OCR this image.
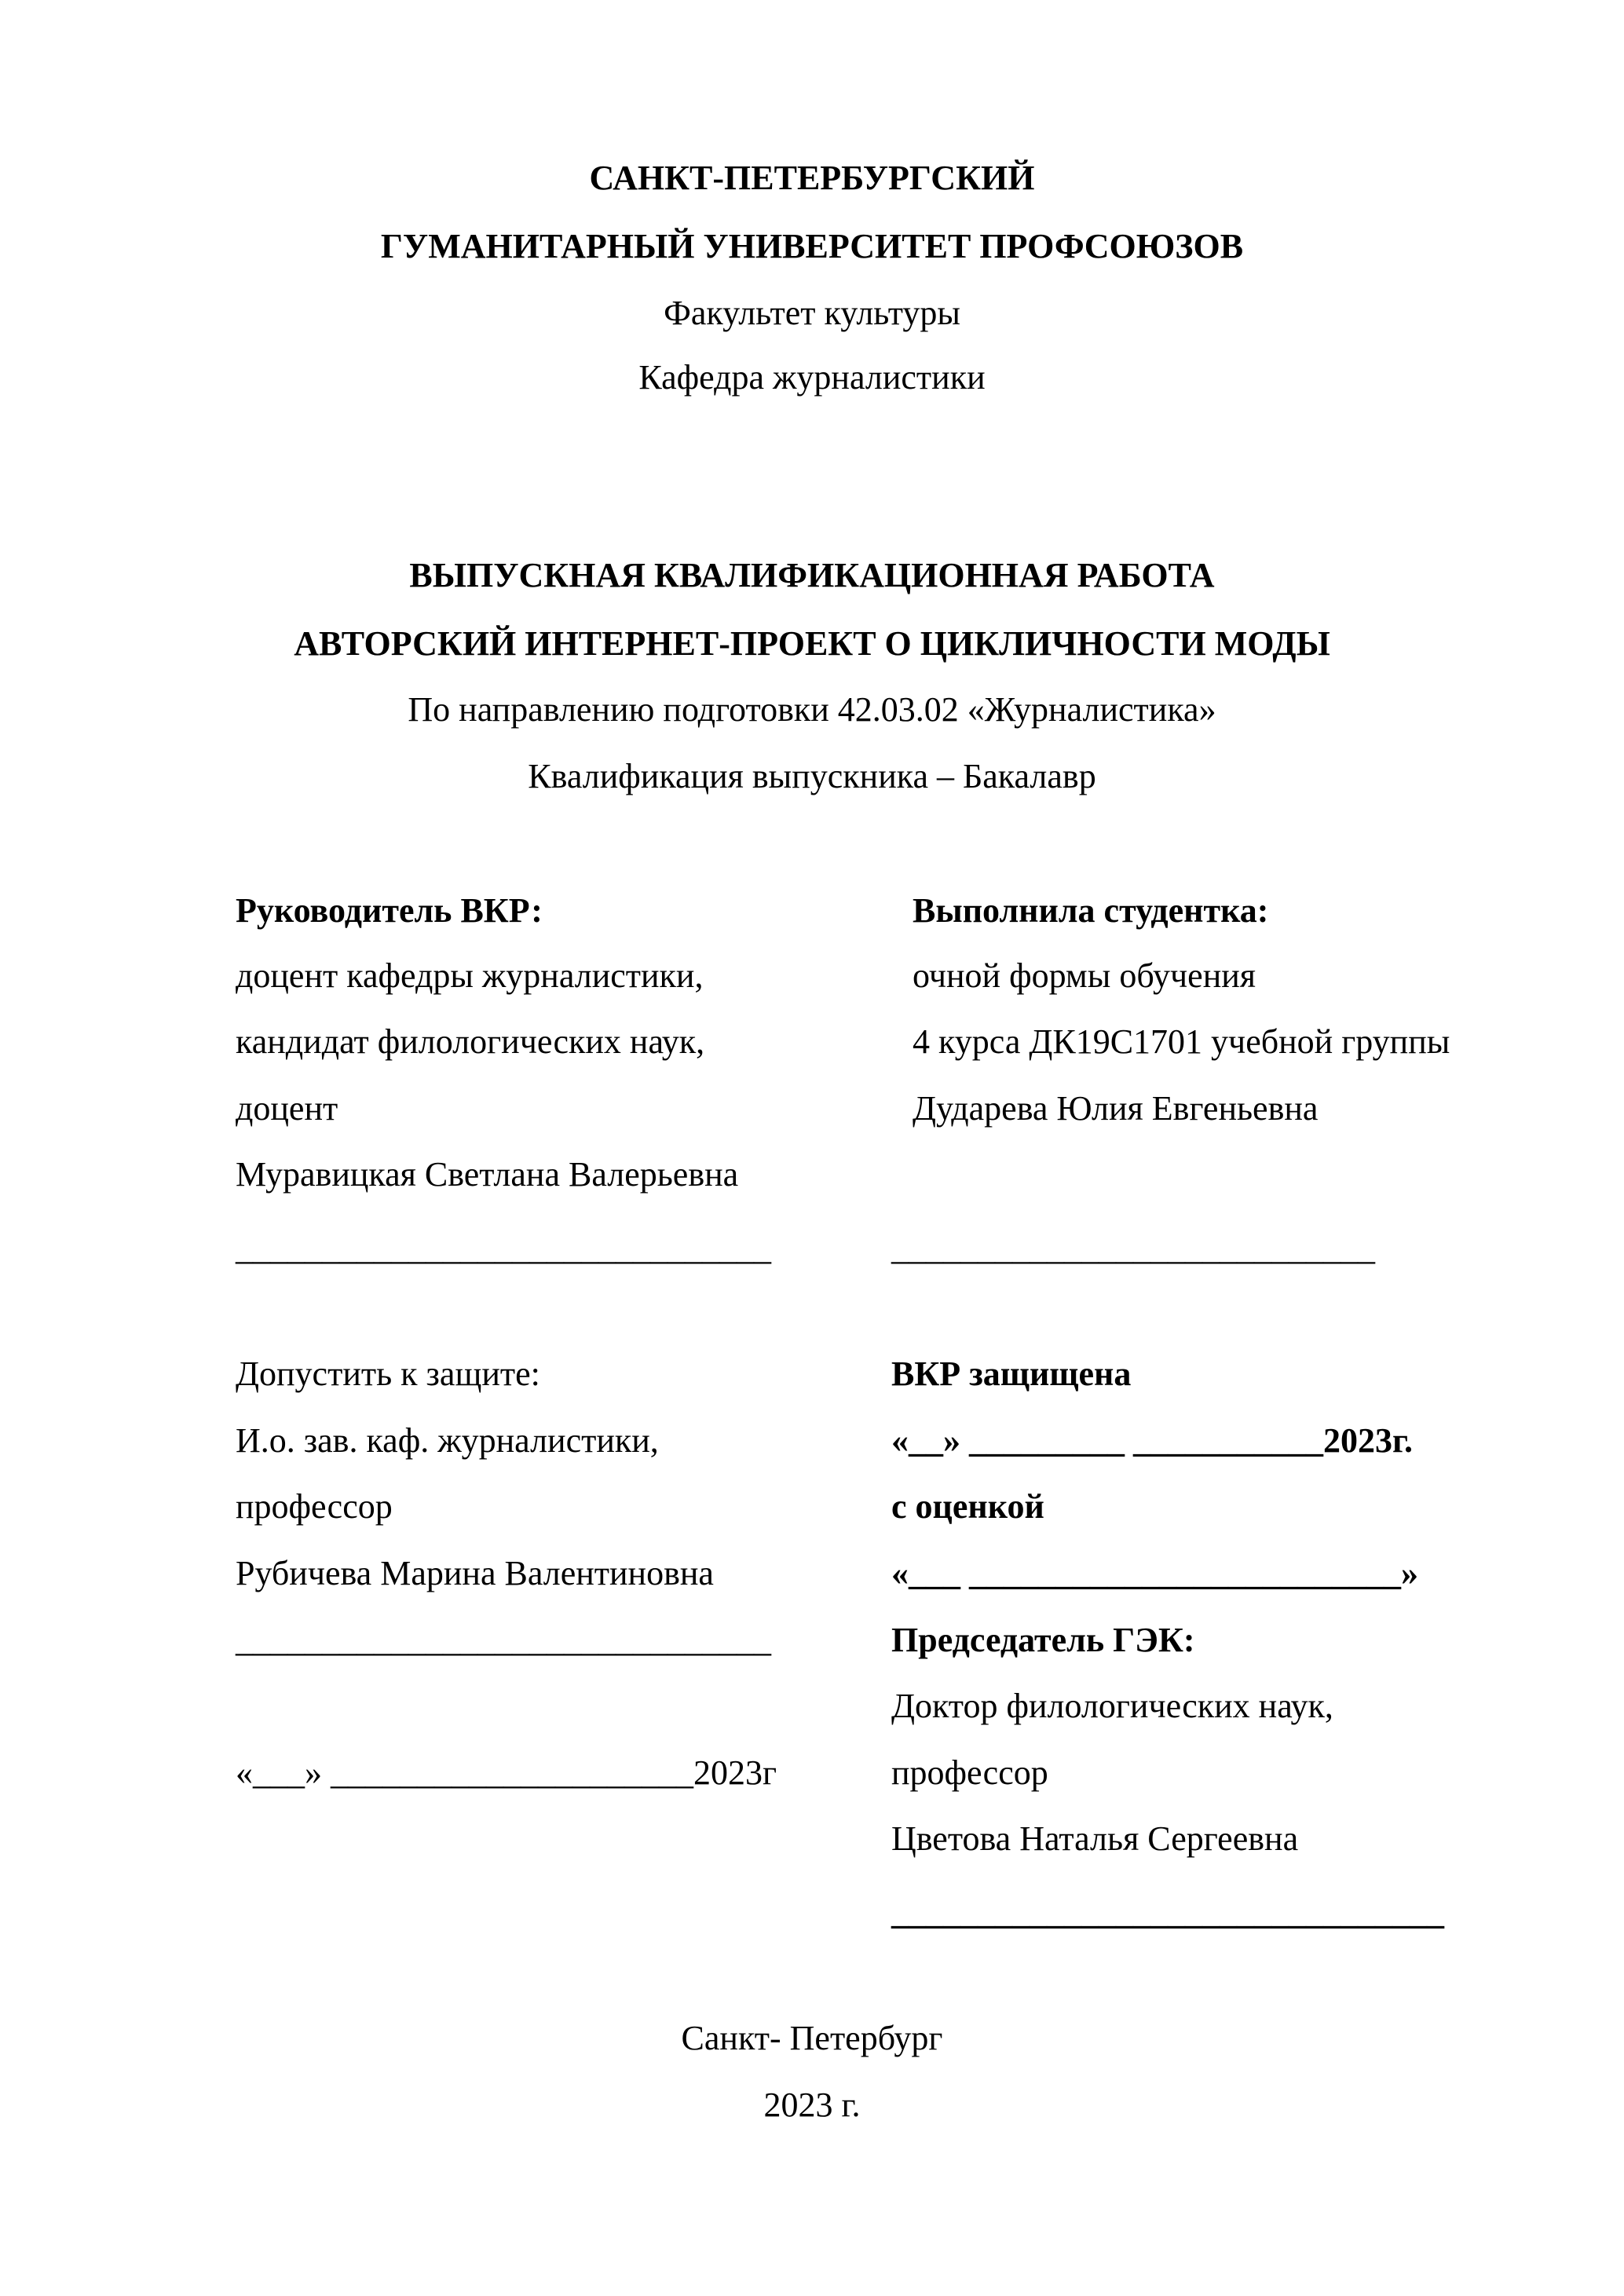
САНКТ-ПЕТЕРБУРГСКИЙ
ГУМАНИТАРНЫЙ УНИВЕРСИТЕТ ПРОФСОЮЗОВ
Факультет культуры
Кафедра журналистики
ВЫПУСКНАЯ КВАЛИФИКАЦИОННАЯ РАБОТА
АВТОРСКИЙ ИНТЕРНЕТ-ПРОЕКТ О ЦИКЛИЧНОСТИ МОДЫ
По направлению подготовки 42.03.02 «Журналистика»
Квалификация выпускника – Бакалавр
Руководитель ВКР:
доцент кафедры журналистики,
кандидат филологических наук,
доцент
Муравицкая Светлана Валерьевна
_______________________________
Выполнила студентка:
очной формы обучения
4 курса ДК19С1701 учебной группы
Дударева Юлия Евгеньевна
____________________________
Допустить к защите:
И.о. зав. каф. журналистики,
профессор
Рубичева Марина Валентиновна
_______________________________
«___» _____________________2023г
ВКР защищена
«__» _________ ___________2023г.
с оценкой
«___ _________________________»
Председатель ГЭК:
Доктор филологических наук,
профессор
Цветова Наталья Сергеевна
________________________________
Санкт- Петербург
2023 г.
